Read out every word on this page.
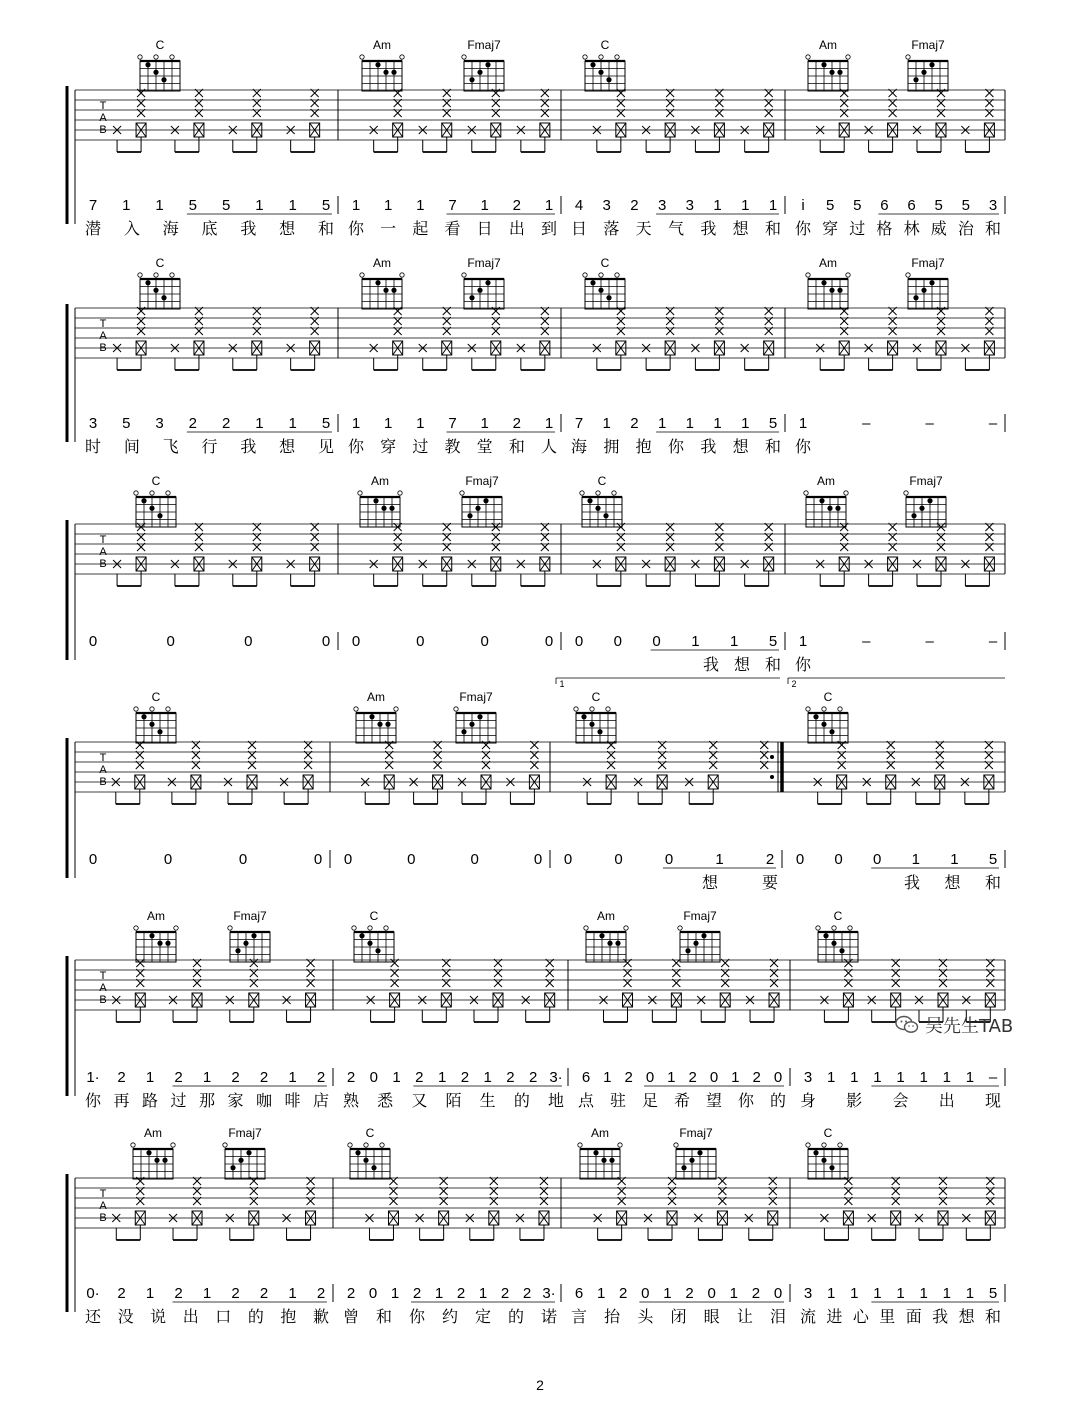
T
A
B
7 1 1 5 5 1 1 5 1 1 1 7 1 2 1 4 3 2 3 3 1 1 1 i 5 5 6 6 5 5 3
潜 入 海 底 我 想 和 你 一 起 看 日 出 到 日 落 天 气 我 想 和 你 穿 过 格 林 威 治 和
C	Am	Fmaj7	C	Am	Fmaj7
T
A
B
3 5 3 2 2 1 1 5 1 1 1 7 1 2 1 7 1 2 1 1 1 1 5 1	–	–	–
时 间 飞 行 我 想 见 你 穿 过 教 堂 和 人 海 拥 抱 你 我 想 和 你
C	Am	Fmaj7	C	Am	Fmaj7
T
A
B
0	0	0	0 0	0	0	0 0 0 0 1 1 5 1	–	–	–
我 想 和 你
1	2
C	Am	Fmaj7	C	Am	Fmaj7
T
A
B
0	0	0	0 0	0	0	0 0	0	0	1	2 0 0 0 1 1 5
想	要	我 想 和
C	Am	Fmaj7	C	C
T
A
B
1· 2 1 2 1 2 2 1 2 2 0 1 2 1 2 1 2 2 3· 6 1 2 0 1 2 0 1 2 0 3 1 1 1 1 1 1 1 –
你 再 路 过 那 家 咖 啡 店 熟 悉 又 陌 生 的 地 点 驻 足 希 望 你 的 身 影 会 出 现
Am	Fmaj7	C	Am	Fmaj7	C
T
A
B
0· 2 1 2 1 2 2 1 2 2 0 1 2 1 2 1 2 2 3· 6 1 2 0 1 2 0 1 2 0 3 1 1 1 1 1 1 1 5
还 没 说 出 口 的 抱 歉 曾 和 你 约 定 的 诺 言 抬 头 闭 眼 让 泪 流 进 心 里 面 我 想 和
Am	Fmaj7	C	Am	Fmaj7	C
2
吴先生TAB
